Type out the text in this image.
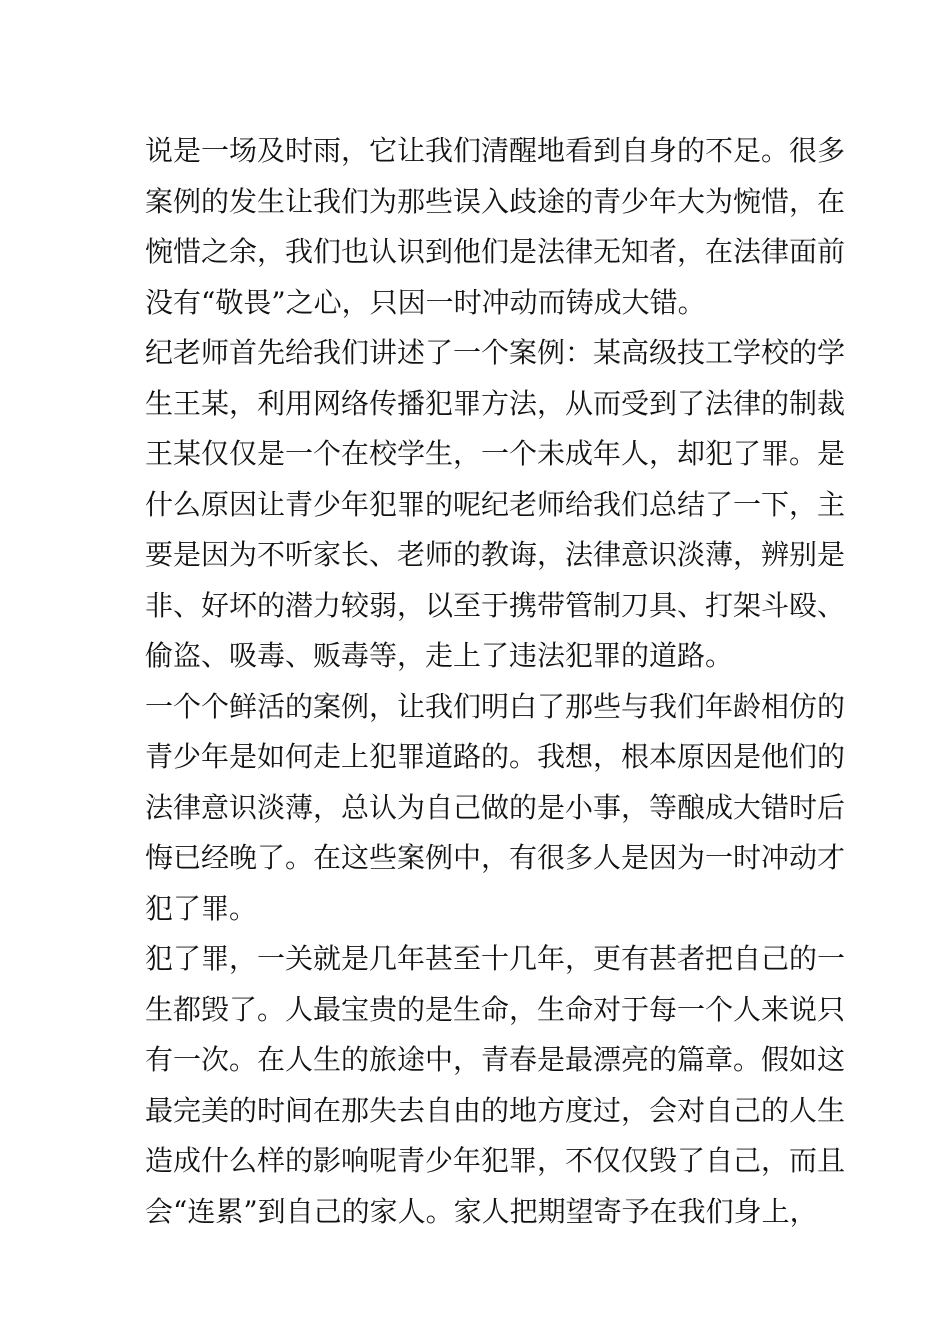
说是一场及时雨，它让我们清醒地看到自身的不足。很多
案例的发生让我们为那些误入歧途的青少年大为惋惜，在
惋惜之余，我们也认识到他们是法律无知者，在法律面前
没有“敬畏”之心，只因一时冲动而铸成大错。
纪老师首先给我们讲述了一个案例：某高级技工学校的学
生王某，利用网络传播犯罪方法，从而受到了法律的制裁
王某仅仅是一个在校学生，一个未成年人，却犯了罪。是
什么原因让青少年犯罪的呢纪老师给我们总结了一下，主
要是因为不听家长、老师的教诲，法律意识淡薄，辨别是
非、好坏的潜力较弱，以至于携带管制刀具、打架斗殴、
偷盗、吸毒、贩毒等，走上了违法犯罪的道路。
一个个鲜活的案例，让我们明白了那些与我们年龄相仿的
青少年是如何走上犯罪道路的。我想，根本原因是他们的
法律意识淡薄，总认为自己做的是小事，等酿成大错时后
悔已经晚了。在这些案例中，有很多人是因为一时冲动才
犯了罪。
犯了罪，一关就是几年甚至十几年，更有甚者把自己的一
生都毁了。人最宝贵的是生命，生命对于每一个人来说只
有一次。在人生的旅途中，青春是最漂亮的篇章。假如这
最完美的时间在那失去自由的地方度过，会对自己的人生
造成什么样的影响呢青少年犯罪，不仅仅毁了自己，而且
会“连累”到自己的家人。家人把期望寄予在我们身上，
